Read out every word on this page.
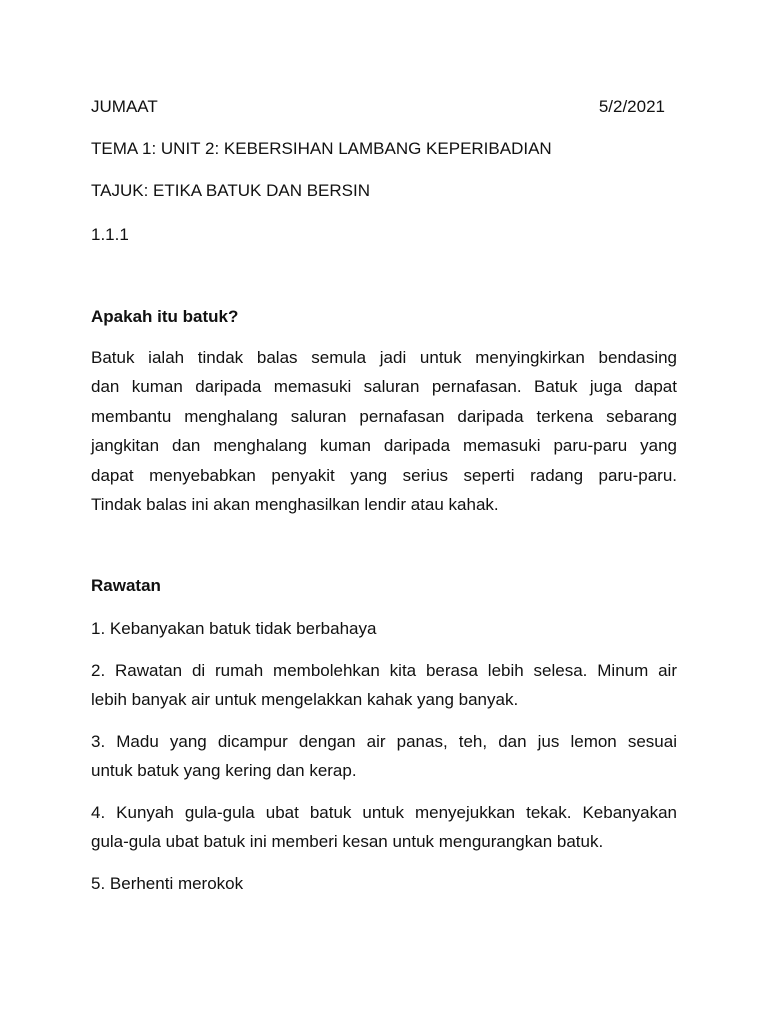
JUMAAT	5/2/2021

TEMA 1: UNIT 2: KEBERSIHAN LAMBANG KEPERIBADIAN

TAJUK: ETIKA BATUK DAN BERSIN

1.1.1

Apakah itu batuk?
Batuk ialah tindak balas semula jadi untuk menyingkirkan bendasing
dan kuman daripada memasuki saluran pernafasan. Batuk juga dapat
membantu menghalang saluran pernafasan daripada terkena sebarang
jangkitan dan menghalang kuman daripada memasuki paru-paru yang
dapat menyebabkan penyakit yang serius seperti radang paru-paru.
Tindak balas ini akan menghasilkan lendir atau kahak.
Rawatan
1. Kebanyakan batuk tidak berbahaya
2. Rawatan di rumah membolehkan kita berasa lebih selesa. Minum air
lebih banyak air untuk mengelakkan kahak yang banyak.
3. Madu yang dicampur dengan air panas, teh, dan jus lemon sesuai
untuk batuk yang kering dan kerap.
4. Kunyah gula-gula ubat batuk untuk menyejukkan tekak. Kebanyakan
gula-gula ubat batuk ini memberi kesan untuk mengurangkan batuk.
5. Berhenti merokok
